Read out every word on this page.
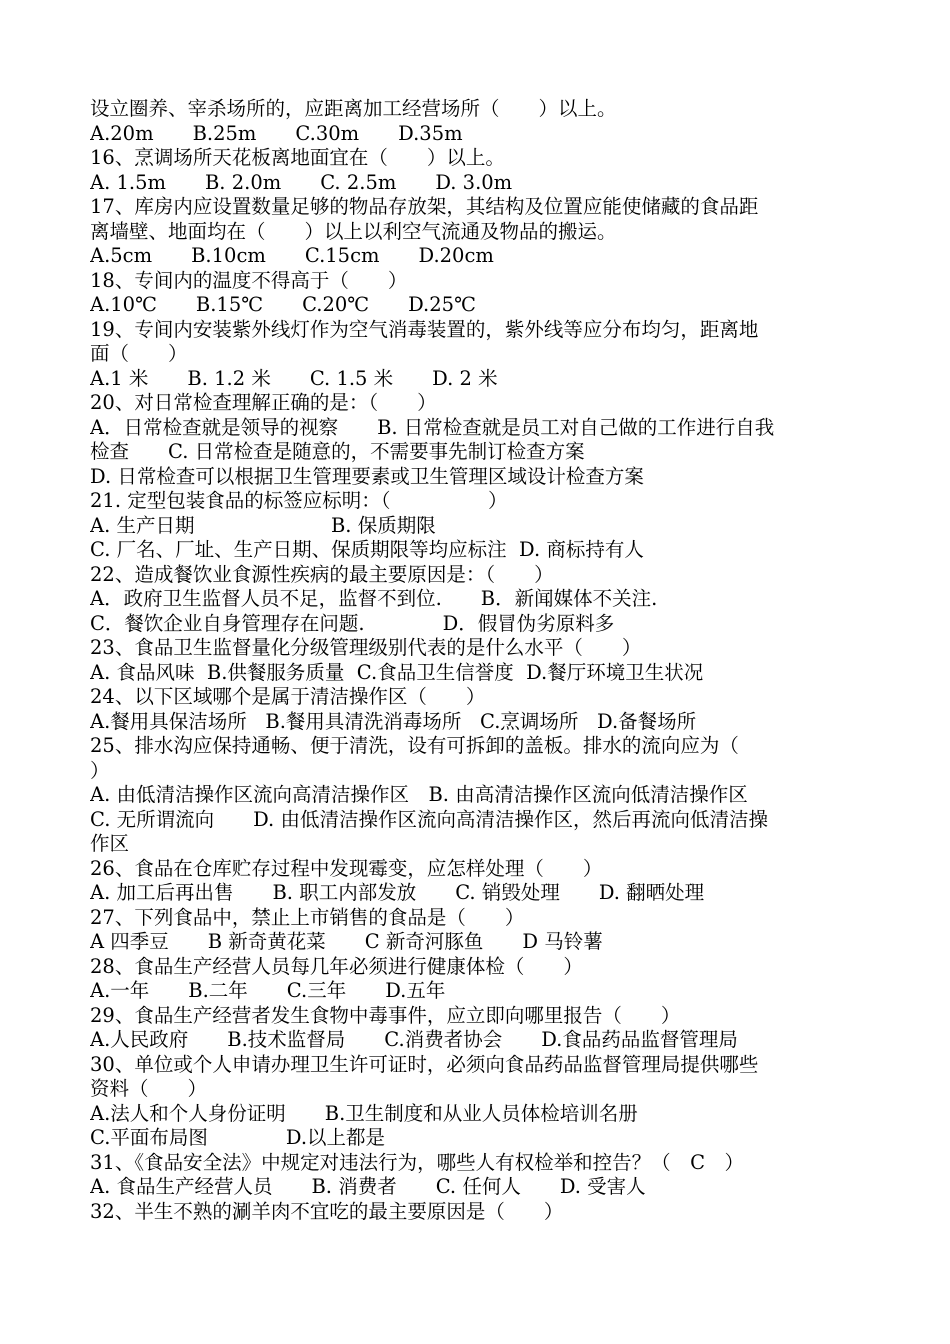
设立圈养、宰杀场所的，应距离加工经营场所（　　）以上。
A.20m　　B.25m　　C.30m　　D.35m
16、烹调场所天花板离地面宜在（　　）以上。
A. 1.5m　　B. 2.0m　　C. 2.5m　　D. 3.0m
17、库房内应设置数量足够的物品存放架，其结构及位置应能使储藏的食品距
离墙壁、地面均在（　　）以上以利空气流通及物品的搬运。
A.5cm　　B.10cm　　C.15cm　　D.20cm
18、专间内的温度不得高于（　　）
A.10℃　　B.15℃　　C.20℃　　D.25℃
19、专间内安装紫外线灯作为空气消毒装置的，紫外线等应分布均匀，距离地
面（　　）
A.1 米　　B. 1.2 米　　C. 1.5 米　　D. 2 米
20、对日常检查理解正确的是：（　　）
A．日常检查就是领导的视察　　B. 日常检查就是员工对自己做的工作进行自我
检查　　C. 日常检查是随意的，不需要事先制订检查方案
D. 日常检查可以根据卫生管理要素或卫生管理区域设计检查方案
21. 定型包装食品的标签应标明：（　　　　　）
A. 生产日期　　　　　　　B. 保质期限
C. 厂名、厂址、生产日期、保质期限等均应标注  D. 商标持有人
22、造成餐饮业食源性疾病的最主要原因是：（　　）
A．政府卫生监督人员不足，监督不到位.　　B．新闻媒体不关注.
C．餐饮企业自身管理存在问题.　　　　D．假冒伪劣原料多
23、食品卫生监督量化分级管理级别代表的是什么水平（　　）
A. 食品风味  B.供餐服务质量  C.食品卫生信誉度  D.餐厅环境卫生状况
24、以下区域哪个是属于清洁操作区（　　）
A.餐用具保洁场所   B.餐用具清洗消毒场所   C.烹调场所   D.备餐场所
25、排水沟应保持通畅、便于清洗，设有可拆卸的盖板。排水的流向应为（
）
A. 由低清洁操作区流向高清洁操作区　B. 由高清洁操作区流向低清洁操作区
C. 无所谓流向　　D. 由低清洁操作区流向高清洁操作区，然后再流向低清洁操
作区
26、食品在仓库贮存过程中发现霉变，应怎样处理（　　）
A. 加工后再出售　　B. 职工内部发放　　C. 销毁处理　　D. 翻晒处理
27、下列食品中，禁止上市销售的食品是（　　）
A 四季豆　　B 新奇黄花菜　　C 新奇河豚鱼　　D 马铃薯
28、食品生产经营人员每几年必须进行健康体检（　　）
A.一年　　B.二年　　C.三年　　D.五年
29、食品生产经营者发生食物中毒事件，应立即向哪里报告（　　）
A.人民政府　　B.技术监督局　　C.消费者协会　　D.食品药品监督管理局
30、单位或个人申请办理卫生许可证时，必须向食品药品监督管理局提供哪些
资料（　　）
A.法人和个人身份证明　　B.卫生制度和从业人员体检培训名册
C.平面布局图　　　　D.以上都是
31、《食品安全法》中规定对违法行为，哪些人有权检举和控告？（　C　）
A. 食品生产经营人员　　B. 消费者　　C. 任何人　　D. 受害人
32、半生不熟的涮羊肉不宜吃的最主要原因是（　　）
